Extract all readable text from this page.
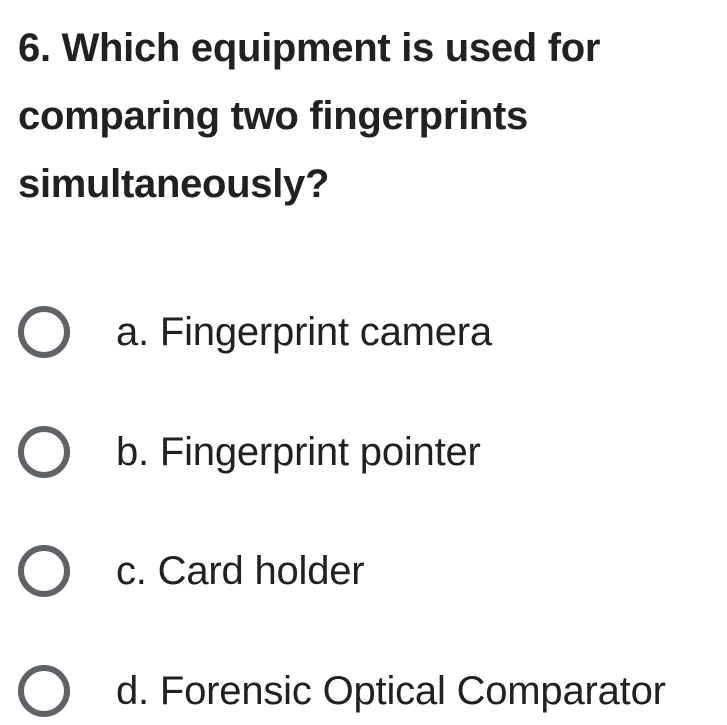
6. Which equipment is used for comparing two fingerprints simultaneously?
a. Fingerprint camera
b. Fingerprint pointer
c. Card holder
d. Forensic Optical Comparator
